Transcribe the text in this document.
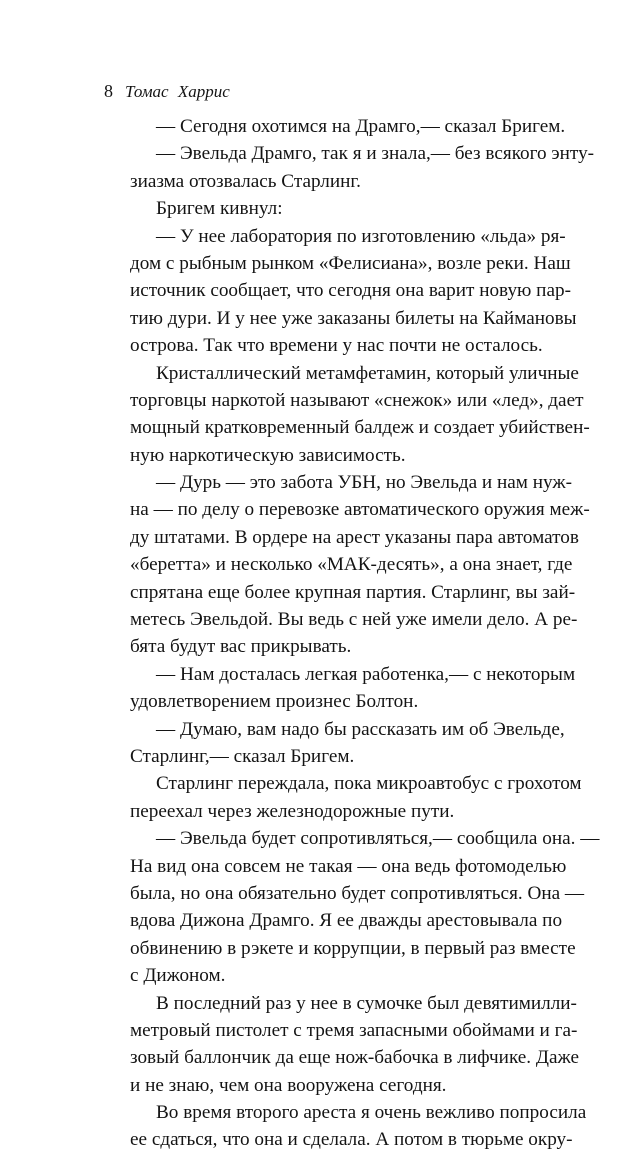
8 Томас Харрис
— Сегодня охотимся на Драмго,— сказал Бригем.
— Эвельда Драмго, так я и знала,— без всякого энту-
зиазма отозвалась Старлинг.
Бригем кивнул:
— У нее лаборатория по изготовлению «льда» ря-
дом с рыбным рынком «Фелисиана», возле реки. Наш
источник сообщает, что сегодня она варит новую пар-
тию дури. И у нее уже заказаны билеты на Каймановы
острова. Так что времени у нас почти не осталось.
Кристаллический метамфетамин, который уличные
торговцы наркотой называют «снежок» или «лед», дает
мощный кратковременный балдеж и создает убийствен-
ную наркотическую зависимость.
— Дурь — это забота УБН, но Эвельда и нам нуж-
на — по делу о перевозке автоматического оружия меж-
ду штатами. В ордере на арест указаны пара автоматов
«беретта» и несколько «МАК-десять», а она знает, где
спрятана еще более крупная партия. Старлинг, вы зай-
метесь Эвельдой. Вы ведь с ней уже имели дело. А ре-
бята будут вас прикрывать.
— Нам досталась легкая работенка,— с некоторым
удовлетворением произнес Болтон.
— Думаю, вам надо бы рассказать им об Эвельде,
Старлинг,— сказал Бригем.
Старлинг переждала, пока микроавтобус с грохотом
переехал через железнодорожные пути.
— Эвельда будет сопротивляться,— сообщила она. —
На вид она совсем не такая — она ведь фотомоделью
была, но она обязательно будет сопротивляться. Она —
вдова Дижона Драмго. Я ее дважды арестовывала по
обвинению в рэкете и коррупции, в первый раз вместе
с Дижоном.
В последний раз у нее в сумочке был девятимилли-
метровый пистолет с тремя запасными обоймами и га-
зовый баллончик да еще нож-бабочка в лифчике. Даже
и не знаю, чем она вооружена сегодня.
Во время второго ареста я очень вежливо попросила
ее сдаться, что она и сделала. А потом в тюрьме окру-
